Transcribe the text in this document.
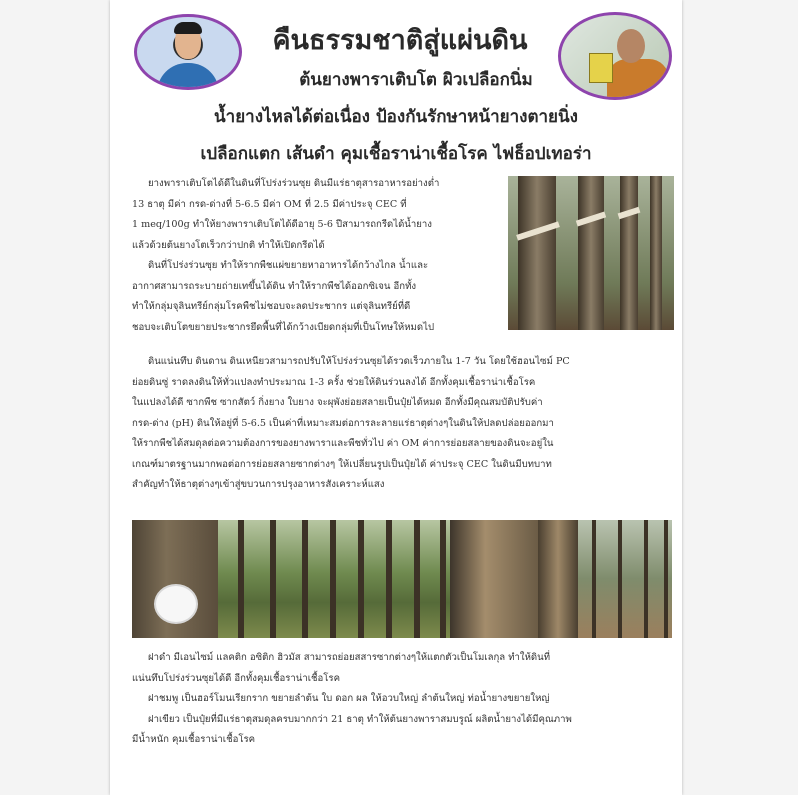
คืนธรรมชาติสู่แผ่นดิน
ต้นยางพาราเติบโต ผิวเปลือกนิ่ม
น้ำยางไหลได้ต่อเนื่อง ป้องกันรักษาหน้ายางตายนิ่ง
เปลือกแตก เส้นดำ คุมเชื้อราน่าเชื้อโรค ไฟธ็อปเทอร่า
ยางพาราเติบโตได้ดีในดินที่โปร่งร่วนซุย ดินมีแร่ธาตุสารอาหารอย่างต่ำ
13 ธาตุ มีค่า กรด-ด่างที่ 5-6.5 มีค่า OM ที่ 2.5 มีค่าประจุ CEC ที่
1 meq/100g ทำให้ยางพาราเติบโตได้ดีอายุ 5-6 ปีสามารถกรีดได้น้ำยาง
แล้วด้วยต้นยางโตเร็วกว่าปกติ ทำให้เปิดกรีดได้
ดินที่โปร่งร่วนซุย ทำให้รากพืชแผ่ขยายหาอาหารได้กว้างไกล น้ำและ
อากาศสามารถระบายถ่ายเทขึ้นได้ดิน ทำให้รากพืชได้ออกซิเจน อีกทั้ง
ทำให้กลุ่มจุลินทรีย์กลุ่มโรคพืชไม่ชอบจะลดประชากร แต่จุลินทรีย์ที่ดี
ชอบจะเติบโตขยายประชากรยึดพื้นที่ได้กว้างเบียดกลุ่มที่เป็นโทษให้หมดไป
ดินแน่นทึบ ดินดาน ดินเหนียวสามารถปรับให้โปร่งร่วนซุยได้รวดเร็วภายใน 1-7 วัน โดยใช้ฮอนไซม์ PC
ย่อยดินซู่ ราดลงดินให้ทั่วแปลงทำประมาณ 1-3 ครั้ง ช่วยให้ดินร่วนลงได้ อีกทั้งคุมเชื้อราน่าเชื้อโรค
ในแปลงได้ดี ซากพืช ซากสัตว์ กิ่งยาง ใบยาง จะผุพังย่อยสลายเป็นปุ๋ยได้หมด อีกทั้งมีคุณสมบัติปรับค่า
กรด-ด่าง (pH) ดินให้อยู่ที่ 5-6.5 เป็นค่าที่เหมาะสมต่อการละลายแร่ธาตุต่างๆในดินให้ปลดปล่อยออกมา
ให้รากพืชได้สมดุลต่อความต้องการของยางพาราและพืชทั่วไป ค่า OM ค่าการย่อยสลายของดินจะอยู่ใน
เกณฑ์มาตรฐานมากพอต่อการย่อยสลายซากต่างๆ ให้เปลี่ยนรูปเป็นปุ๋ยได้ ค่าประจุ CEC ในดินมีบทบาท
สำคัญทำให้ธาตุต่างๆเข้าสู่ขบวนการปรุงอาหารสังเคราะห์แสง
ฝาดำ มีเอนไซม์ แลคติก อซิติก ฮิวมัส สามารถย่อยสสารซากต่างๆให้แตกตัวเป็นโมเลกุล ทำให้ดินที่
แน่นทึบโปร่งร่วนซุยได้ดี อีกทั้งคุมเชื้อราน่าเชื้อโรค
ฝาชมพู เป็นฮอร์โมนเรียกราก ขยายลำต้น ใบ ดอก ผล ให้อวบใหญ่ ลำต้นใหญ่ ท่อน้ำยางขยายใหญ่
ฝาเขียว เป็นปุ๋ยที่มีแร่ธาตุสมดุลครบมากกว่า 21 ธาตุ ทำให้ต้นยางพาราสมบรูณ์ ผลิตน้ำยางได้มีคุณภาพ
มีน้ำหนัก คุมเชื้อราน่าเชื้อโรค
